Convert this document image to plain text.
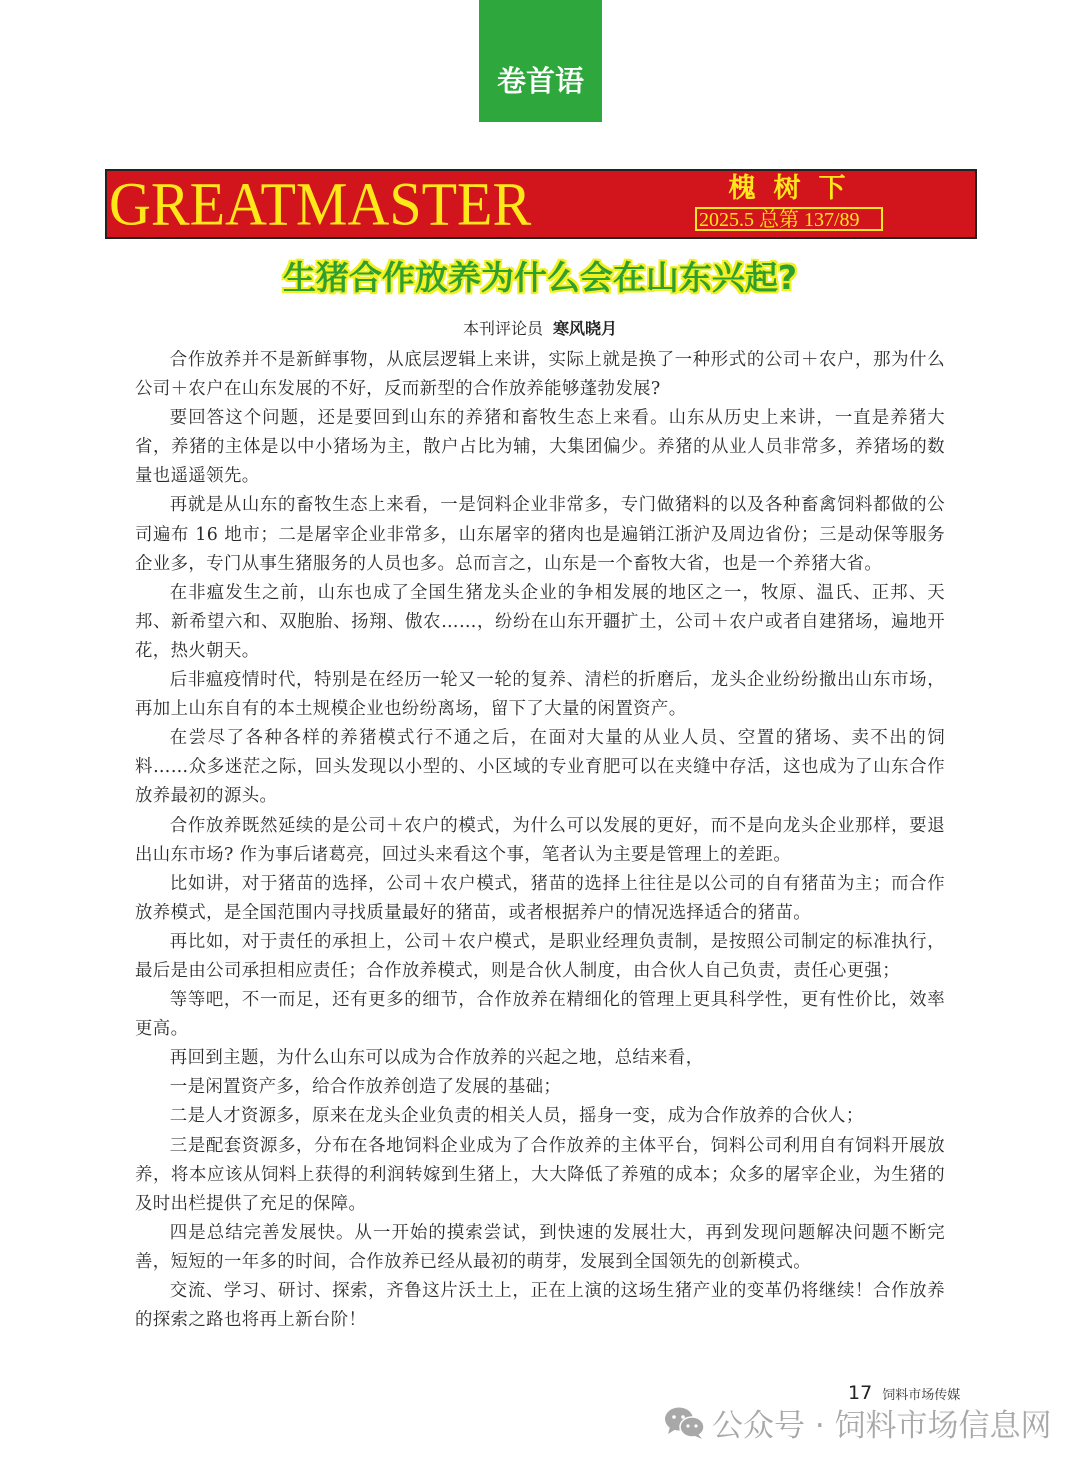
卷首语
GREATMASTER	槐树下
2025.5 总第 137/89
生猪合作放养为什么会在山东兴起?
本刊评论员 寒风晓月

合作放养并不是新鲜事物，从底层逻辑上来讲，实际上就是换了一种形式的公司＋农户，那为什么公司＋农户在山东发展的不好，反而新型的合作放养能够蓬勃发展?

要回答这个问题，还是要回到山东的养猪和畜牧生态上来看。山东从历史上来讲，一直是养猪大省，养猪的主体是以中小猪场为主，散户占比为辅，大集团偏少。养猪的从业人员非常多，养猪场的数量也遥遥领先。

再就是从山东的畜牧生态上来看，一是饲料企业非常多，专门做猪料的以及各种畜禽饲料都做的公司遍布 16 地市；二是屠宰企业非常多，山东屠宰的猪肉也是遍销江浙沪及周边省份；三是动保等服务企业多，专门从事生猪服务的人员也多。总而言之，山东是一个畜牧大省，也是一个养猪大省。

在非瘟发生之前，山东也成了全国生猪龙头企业的争相发展的地区之一，牧原、温氏、正邦、天邦、新希望六和、双胞胎、扬翔、傲农……，纷纷在山东开疆扩土，公司＋农户或者自建猪场，遍地开花，热火朝天。

后非瘟疫情时代，特别是在经历一轮又一轮的复养、清栏的折磨后，龙头企业纷纷撤出山东市场，再加上山东自有的本土规模企业也纷纷离场，留下了大量的闲置资产。

在尝尽了各种各样的养猪模式行不通之后，在面对大量的从业人员、空置的猪场、卖不出的饲料……众多迷茫之际，回头发现以小型的、小区域的专业育肥可以在夹缝中存活，这也成为了山东合作放养最初的源头。

合作放养既然延续的是公司＋农户的模式，为什么可以发展的更好，而不是向龙头企业那样，要退出山东市场? 作为事后诸葛亮，回过头来看这个事，笔者认为主要是管理上的差距。

比如讲，对于猪苗的选择，公司＋农户模式，猪苗的选择上往往是以公司的自有猪苗为主；而合作放养模式，是全国范围内寻找质量最好的猪苗，或者根据养户的情况选择适合的猪苗。

再比如，对于责任的承担上，公司＋农户模式，是职业经理负责制，是按照公司制定的标准执行，最后是由公司承担相应责任；合作放养模式，则是合伙人制度，由合伙人自己负责，责任心更强；

等等吧，不一而足，还有更多的细节，合作放养在精细化的管理上更具科学性，更有性价比，效率更高。

再回到主题，为什么山东可以成为合作放养的兴起之地，总结来看，

一是闲置资产多，给合作放养创造了发展的基础；

二是人才资源多，原来在龙头企业负责的相关人员，摇身一变，成为合作放养的合伙人；

三是配套资源多，分布在各地饲料企业成为了合作放养的主体平台，饲料公司利用自有饲料开展放养，将本应该从饲料上获得的利润转嫁到生猪上，大大降低了养殖的成本；众多的屠宰企业，为生猪的及时出栏提供了充足的保障。

四是总结完善发展快。从一开始的摸索尝试，到快速的发展壮大，再到发现问题解决问题不断完善，短短的一年多的时间，合作放养已经从最初的萌芽，发展到全国领先的创新模式。

交流、学习、研讨、探索，齐鲁这片沃土上，正在上演的这场生猪产业的变革仍将继续！合作放养的探索之路也将再上新台阶！

17 饲料市场传媒
公众号 · 饲料市场信息网
